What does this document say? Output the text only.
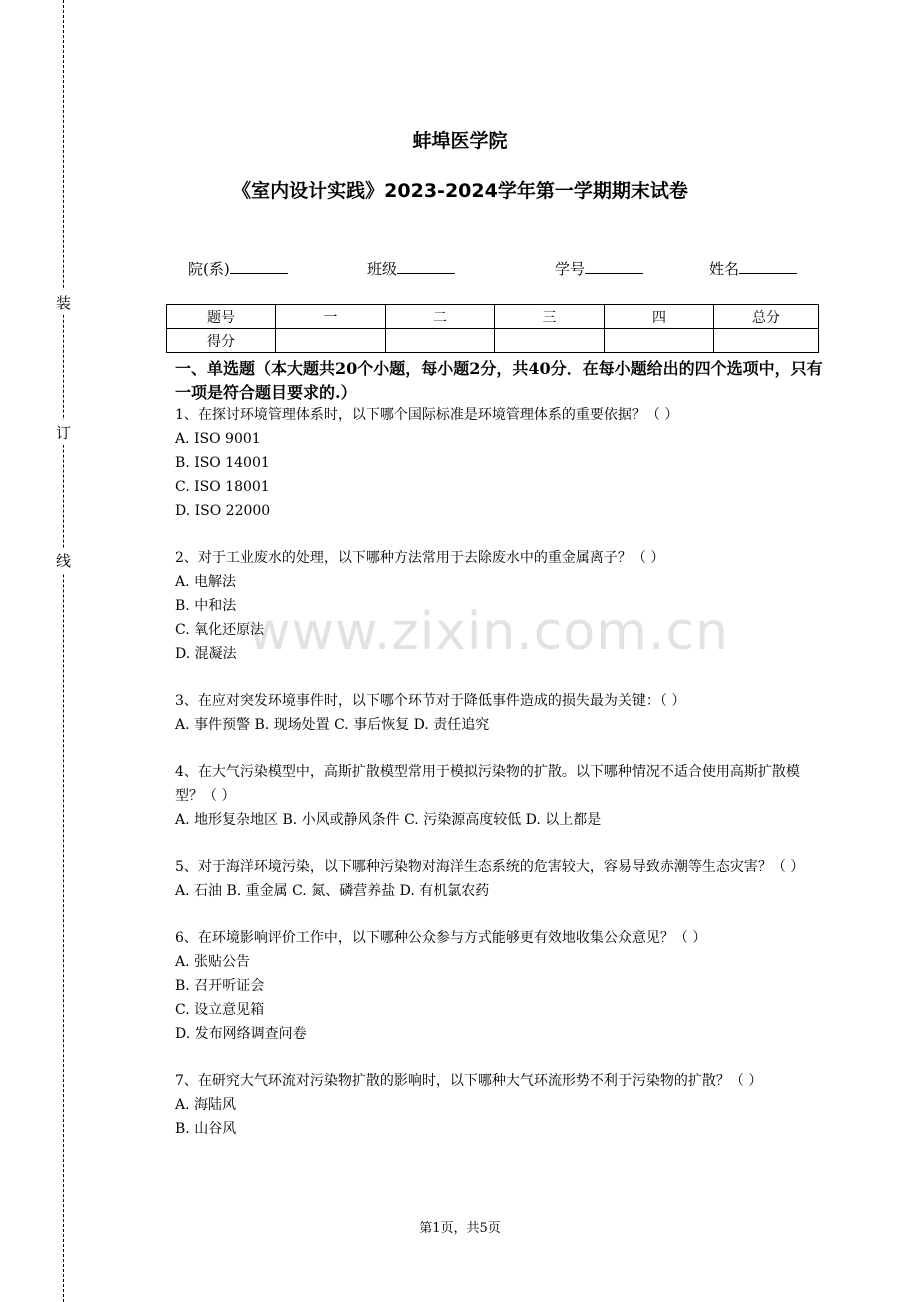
装
订
线
蚌埠医学院
《室内设计实践》2023-2024学年第一学期期末试卷
院(系)	班级	学号	姓名
题号	一	二	三	四	总分
得分					
一、单选题（本大题共20个小题，每小题2分，共40分．在每小题给出的四个选项中，只有一项是符合题目要求的.）
1、在探讨环境管理体系时，以下哪个国际标准是环境管理体系的重要依据？（ ）
A. ISO 9001
B. ISO 14001
C. ISO 18001
D. ISO 22000
2、对于工业废水的处理，以下哪种方法常用于去除废水中的重金属离子？（ ）
A. 电解法
B. 中和法
C. 氧化还原法
D. 混凝法
3、在应对突发环境事件时，以下哪个环节对于降低事件造成的损失最为关键：（ ）
A. 事件预警 B. 现场处置 C. 事后恢复 D. 责任追究
4、在大气污染模型中，高斯扩散模型常用于模拟污染物的扩散。以下哪种情况不适合使用高斯扩散模型？（ ）
A. 地形复杂地区 B. 小风或静风条件 C. 污染源高度较低 D. 以上都是
5、对于海洋环境污染，以下哪种污染物对海洋生态系统的危害较大，容易导致赤潮等生态灾害？（ ）
A. 石油 B. 重金属 C. 氮、磷营养盐 D. 有机氯农药
6、在环境影响评价工作中，以下哪种公众参与方式能够更有效地收集公众意见？（ ）
A. 张贴公告
B. 召开听证会
C. 设立意见箱
D. 发布网络调查问卷
7、在研究大气环流对污染物扩散的影响时，以下哪种大气环流形势不利于污染物的扩散？（ ）
A. 海陆风
B. 山谷风
www.zixin.com.cn
第1页，共5页
